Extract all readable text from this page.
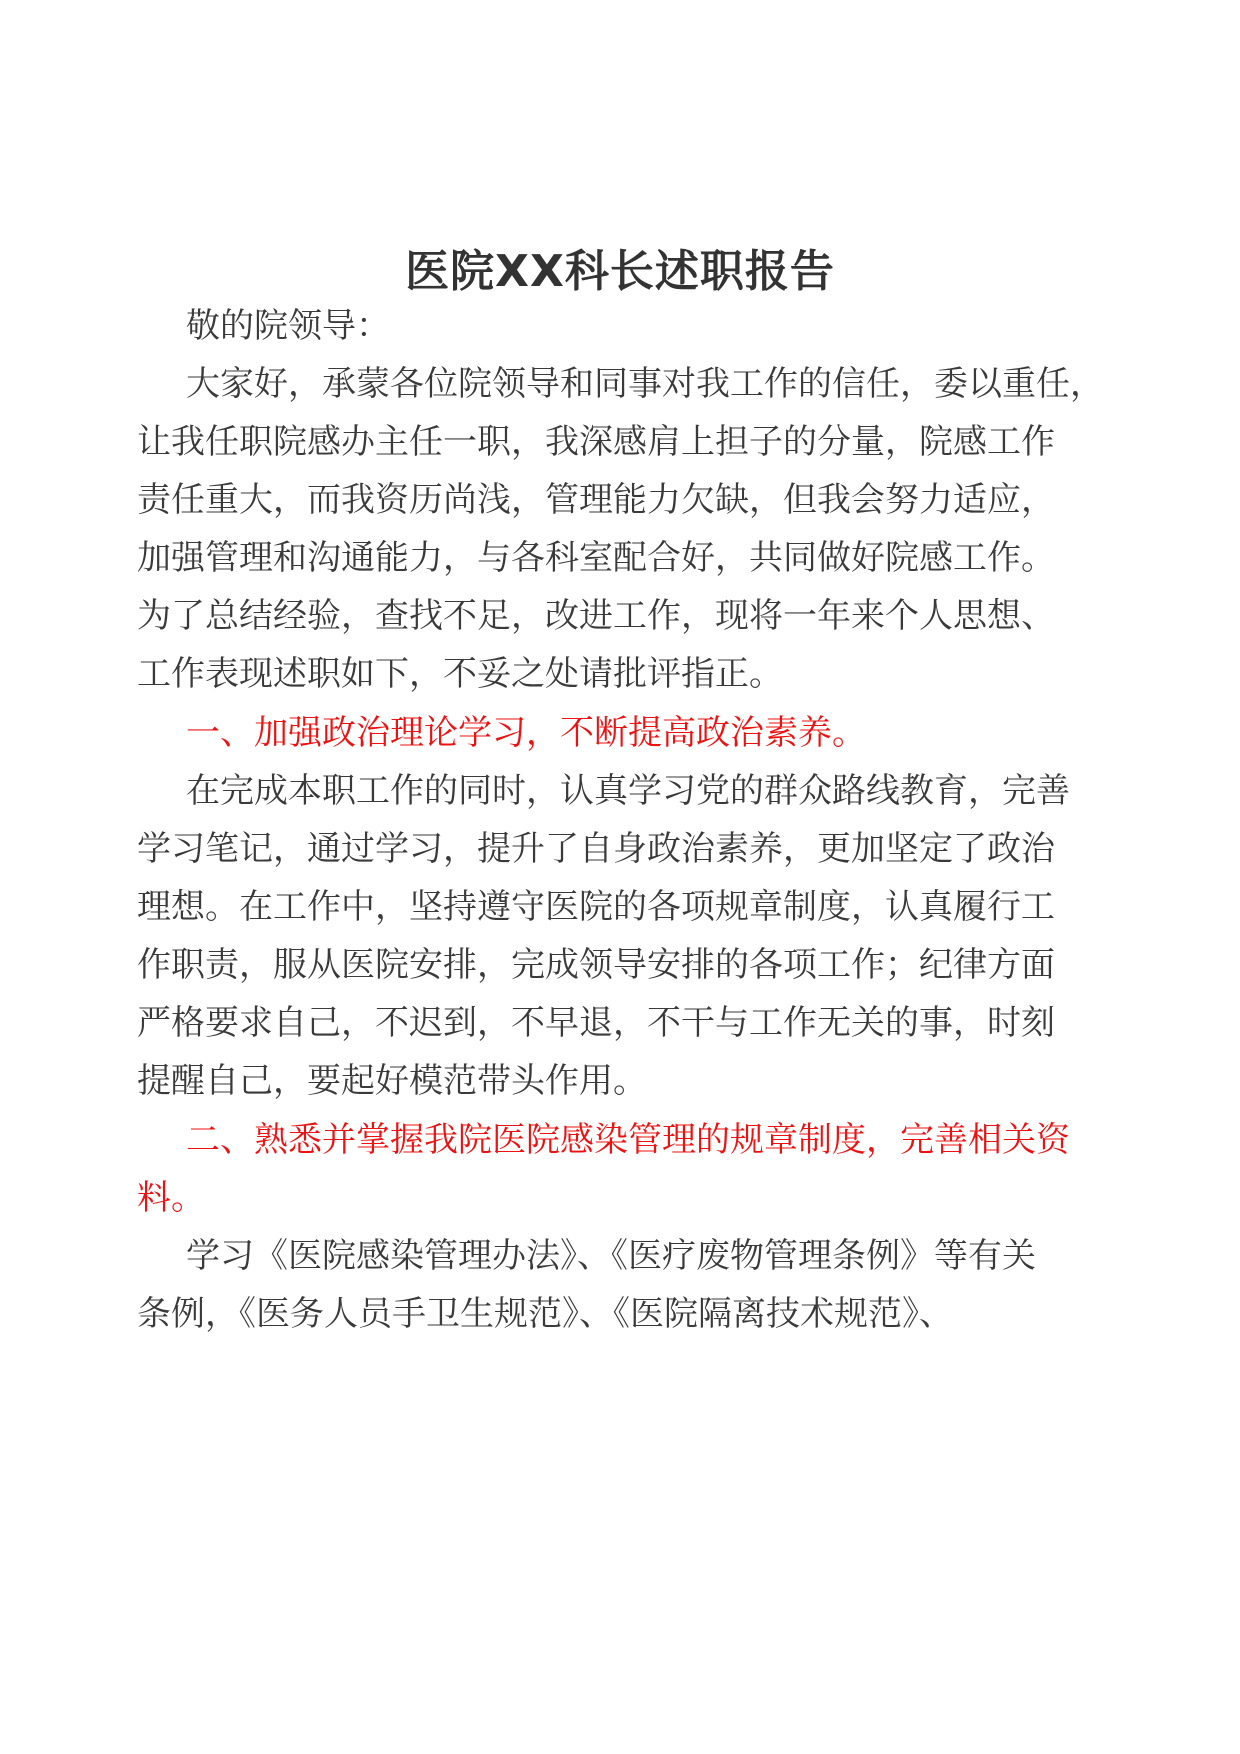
医院XX科长述职报告
敬的院领导：
大家好，承蒙各位院领导和同事对我工作的信任，委以重任，
让我任职院感办主任一职，我深感肩上担子的分量，院感工作
责任重大，而我资历尚浅，管理能力欠缺，但我会努力适应，
加强管理和沟通能力，与各科室配合好，共同做好院感工作。
为了总结经验，查找不足，改进工作，现将一年来个人思想、
工作表现述职如下，不妥之处请批评指正。
一、加强政治理论学习，不断提高政治素养。
在完成本职工作的同时，认真学习党的群众路线教育，完善
学习笔记，通过学习，提升了自身政治素养，更加坚定了政治
理想。在工作中，坚持遵守医院的各项规章制度，认真履行工
作职责，服从医院安排，完成领导安排的各项工作；纪律方面
严格要求自己，不迟到，不早退，不干与工作无关的事，时刻
提醒自己，要起好模范带头作用。
二、熟悉并掌握我院医院感染管理的规章制度，完善相关资
料。
学习《医院感染管理办法》、《医疗废物管理条例》等有关
条例，《医务人员手卫生规范》、《医院隔离技术规范》、
